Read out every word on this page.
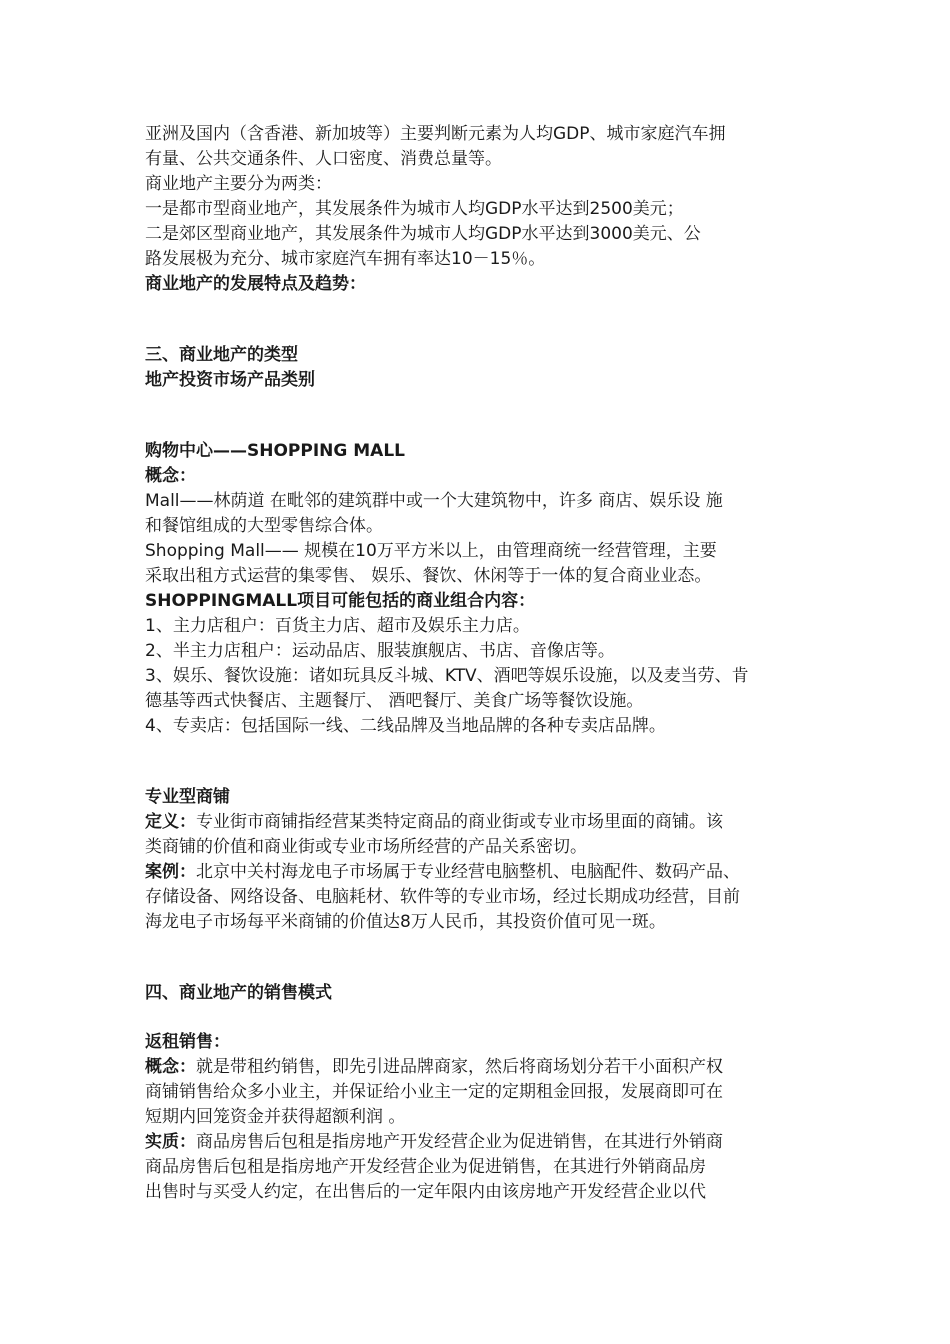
亚洲及国内（含香港、新加坡等）主要判断元素为人均GDP、城市家庭汽车拥
有量、公共交通条件、人口密度、消费总量等。
商业地产主要分为两类：
一是都市型商业地产，其发展条件为城市人均GDP水平达到2500美元；
二是郊区型商业地产，其发展条件为城市人均GDP水平达到3000美元、公
路发展极为充分、城市家庭汽车拥有率达10－15％。
商业地产的发展特点及趋势：
三、商业地产的类型
地产投资市场产品类别
购物中心——SHOPPING MALL
概念：
Mall——林荫道 在毗邻的建筑群中或一个大建筑物中，许多 商店、娱乐设 施
和餐馆组成的大型零售综合体。
Shopping Mall—— 规模在10万平方米以上，由管理商统一经营管理，主要
采取出租方式运营的集零售、 娱乐、餐饮、休闲等于一体的复合商业业态。
SHOPPINGMALL项目可能包括的商业组合内容：
1、主力店租户：百货主力店、超市及娱乐主力店。
2、半主力店租户：运动品店、服装旗舰店、书店、音像店等。
3、娱乐、餐饮设施：诸如玩具反斗城、KTV、酒吧等娱乐设施，以及麦当劳、肯
德基等西式快餐店、主题餐厅、 酒吧餐厅、美食广场等餐饮设施。
4、专卖店：包括国际一线、二线品牌及当地品牌的各种专卖店品牌。
专业型商铺
定义：专业街市商铺指经营某类特定商品的商业街或专业市场里面的商铺。该
类商铺的价值和商业街或专业市场所经营的产品关系密切。
案例：北京中关村海龙电子市场属于专业经营电脑整机、电脑配件、数码产品、
存储设备、网络设备、电脑耗材、软件等的专业市场，经过长期成功经营，目前
海龙电子市场每平米商铺的价值达8万人民币，其投资价值可见一斑。
四、商业地产的销售模式
返租销售：
概念：就是带租约销售，即先引进品牌商家，然后将商场划分若干小面积产权
商铺销售给众多小业主，并保证给小业主一定的定期租金回报，发展商即可在
短期内回笼资金并获得超额利润 。
实质：商品房售后包租是指房地产开发经营企业为促进销售，在其进行外销商
商品房售后包租是指房地产开发经营企业为促进销售，在其进行外销商品房
出售时与买受人约定，在出售后的一定年限内由该房地产开发经营企业以代
